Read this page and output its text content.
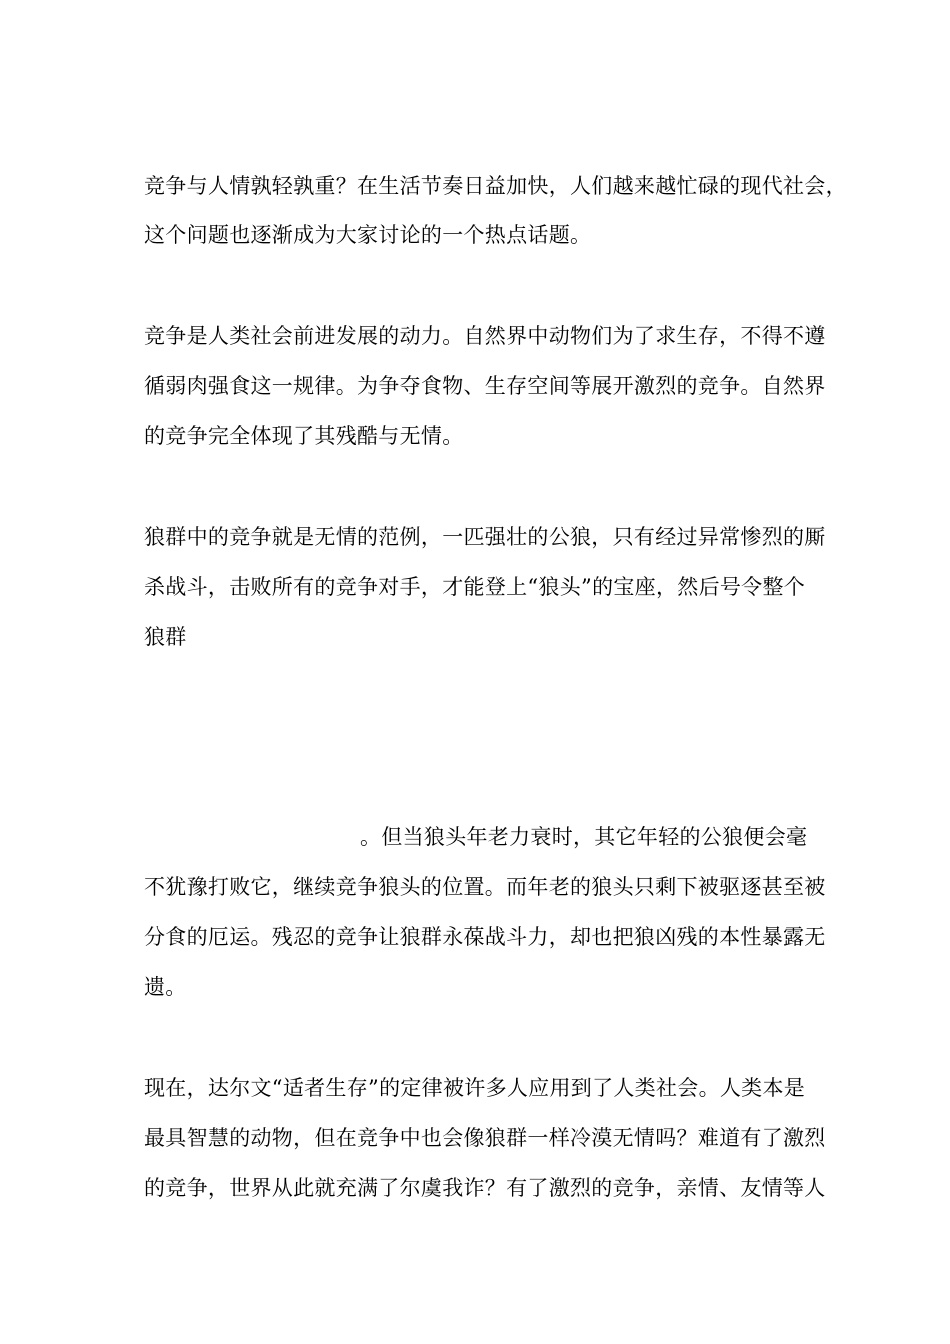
竞争与人情孰轻孰重？在生活节奏日益加快，人们越来越忙碌的现代社会，
这个问题也逐渐成为大家讨论的一个热点话题。
竞争是人类社会前进发展的动力。自然界中动物们为了求生存，不得不遵
循弱肉强食这一规律。为争夺食物、生存空间等展开激烈的竞争。自然界
的竞争完全体现了其残酷与无情。
狼群中的竞争就是无情的范例，一匹强壮的公狼，只有经过异常惨烈的厮
杀战斗，击败所有的竞争对手，才能登上“狼头”的宝座，然后号令整个
狼群
。但当狼头年老力衰时，其它年轻的公狼便会毫
不犹豫打败它，继续竞争狼头的位置。而年老的狼头只剩下被驱逐甚至被
分食的厄运。残忍的竞争让狼群永葆战斗力，却也把狼凶残的本性暴露无
遗。
现在，达尔文“适者生存”的定律被许多人应用到了人类社会。人类本是
最具智慧的动物，但在竞争中也会像狼群一样冷漠无情吗？难道有了激烈
的竞争，世界从此就充满了尔虞我诈？有了激烈的竞争，亲情、友情等人
